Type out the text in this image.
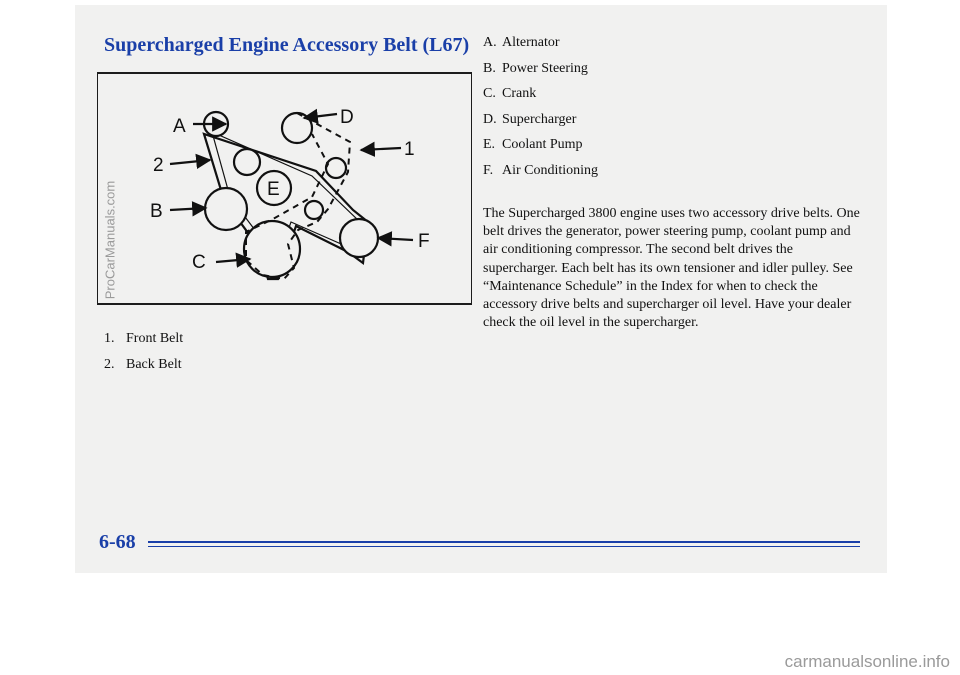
Supercharged Engine Accessory Belt (L67)
A
2
B
C
D
1
E
F
1. Front Belt
2. Back Belt
A. Alternator
B. Power Steering
C. Crank
D. Supercharger
E. Coolant Pump
F. Air Conditioning

The Supercharged 3800 engine uses two accessory drive belts. One belt drives the generator, power steering pump, coolant pump and air conditioning compressor. The second belt drives the supercharger. Each belt has its own tensioner and idler pulley. See “Maintenance Schedule” in the Index for when to check the accessory drive belts and supercharger oil level. Have your dealer check the oil level in the supercharger.

6-68

ProCarManuals.com

carmanualsonline.info
